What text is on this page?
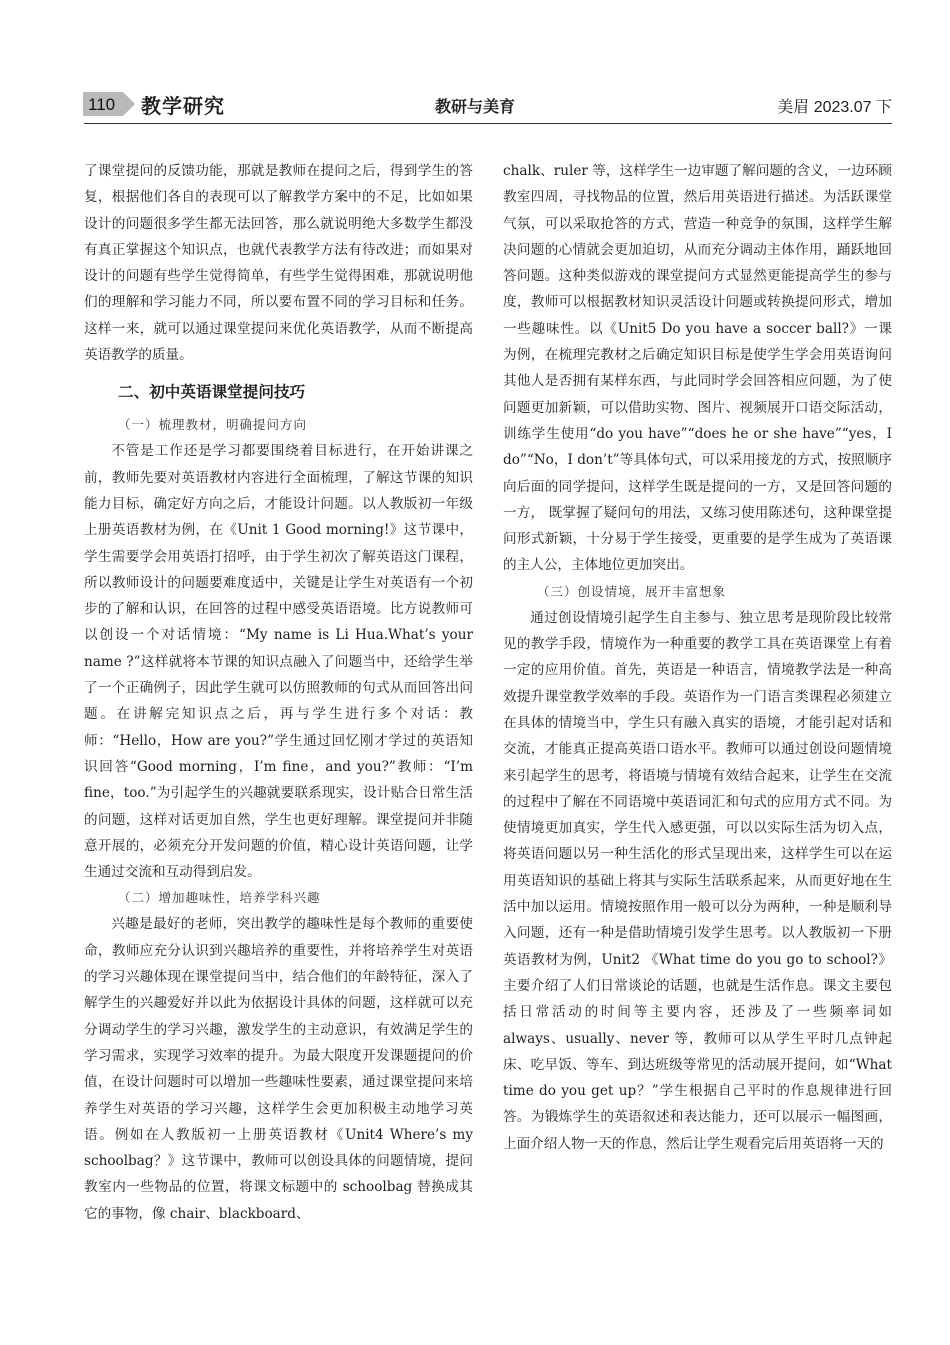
110 教学研究	教研与美育	美眉 2023.07 下

了课堂提问的反馈功能，那就是教师在提问之后，得到学生的答复，根据他们各自的表现可以了解教学方案中的不足，比如如果设计的问题很多学生都无法回答，那么就说明绝大多数学生都没有真正掌握这个知识点，也就代表教学方法有待改进；而如果对设计的问题有些学生觉得简单，有些学生觉得困难，那就说明他们的理解和学习能力不同，所以要布置不同的学习目标和任务。这样一来，就可以通过课堂提问来优化英语教学，从而不断提高英语教学的质量。

二、初中英语课堂提问技巧

（一）梳理教材，明确提问方向

不管是工作还是学习都要围绕着目标进行，在开始讲课之前，教师先要对英语教材内容进行全面梳理，了解这节课的知识能力目标，确定好方向之后，才能设计问题。以人教版初一年级上册英语教材为例，在《Unit 1 Good morning!》这节课中，学生需要学会用英语打招呼，由于学生初次了解英语这门课程，所以教师设计的问题要难度适中，关键是让学生对英语有一个初步的了解和认识，在回答的过程中感受英语语境。比方说教师可以创设一个对话情境：“My name is Li Hua.What’s your name ?”这样就将本节课的知识点融入了问题当中，还给学生举了一个正确例子，因此学生就可以仿照教师的句式从而回答出问题。在讲解完知识点之后，再与学生进行多个对话：教师：“Hello，How are you?”学生通过回忆刚才学过的英语知识回答“Good morning，I’m fine，and you?”教师：“I’m fine，too.”为引起学生的兴趣就要联系现实，设计贴合日常生活的问题，这样对话更加自然，学生也更好理解。课堂提问并非随意开展的，必须充分开发问题的价值，精心设计英语问题，让学生通过交流和互动得到启发。

（二）增加趣味性，培养学科兴趣

兴趣是最好的老师，突出教学的趣味性是每个教师的重要使命，教师应充分认识到兴趣培养的重要性，并将培养学生对英语的学习兴趣体现在课堂提问当中，结合他们的年龄特征，深入了解学生的兴趣爱好并以此为依据设计具体的问题，这样就可以充分调动学生的学习兴趣，激发学生的主动意识，有效满足学生的学习需求，实现学习效率的提升。为最大限度开发课题提问的价值，在设计问题时可以增加一些趣味性要素，通过课堂提问来培养学生对英语的学习兴趣，这样学生会更加积极主动地学习英语。例如在人教版初一上册英语教材《Unit4 Where’s my schoolbag？》这节课中，教师可以创设具体的问题情境，提问教室内一些物品的位置，将课文标题中的 schoolbag 替换成其它的事物，像 chair、blackboard、

chalk、ruler 等，这样学生一边审题了解问题的含义，一边环顾教室四周，寻找物品的位置，然后用英语进行描述。为活跃课堂气氛，可以采取抢答的方式，营造一种竞争的氛围，这样学生解决问题的心情就会更加迫切，从而充分调动主体作用，踊跃地回答问题。这种类似游戏的课堂提问方式显然更能提高学生的参与度，教师可以根据教材知识灵活设计问题或转换提问形式，增加一些趣味性。以《Unit5 Do you have a soccer ball?》一课为例，在梳理完教材之后确定知识目标是使学生学会用英语询问其他人是否拥有某样东西，与此同时学会回答相应问题，为了使问题更加新颖，可以借助实物、图片、视频展开口语交际活动，训练学生使用“do you have”“does he or she have”“yes，I do”“No，I don’t”等具体句式，可以采用接龙的方式，按照顺序向后面的同学提问，这样学生既是提问的一方，又是回答问题的一方， 既掌握了疑问句的用法，又练习使用陈述句，这种课堂提问形式新颖，十分易于学生接受，更重要的是学生成为了英语课的主人公，主体地位更加突出。

（三）创设情境，展开丰富想象

通过创设情境引起学生自主参与、独立思考是现阶段比较常见的教学手段，情境作为一种重要的教学工具在英语课堂上有着一定的应用价值。首先，英语是一种语言，情境教学法是一种高效提升课堂教学效率的手段。英语作为一门语言类课程必须建立在具体的情境当中，学生只有融入真实的语境，才能引起对话和交流，才能真正提高英语口语水平。教师可以通过创设问题情境来引起学生的思考，将语境与情境有效结合起来，让学生在交流的过程中了解在不同语境中英语词汇和句式的应用方式不同。为使情境更加真实，学生代入感更强，可以以实际生活为切入点，将英语问题以另一种生活化的形式呈现出来，这样学生可以在运用英语知识的基础上将其与实际生活联系起来，从而更好地在生活中加以运用。情境按照作用一般可以分为两种，一种是顺利导入问题，还有一种是借助情境引发学生思考。以人教版初一下册英语教材为例，Unit2 《What time do you go to school?》主要介绍了人们日常谈论的话题，也就是生活作息。课文主要包括日常活动的时间等主要内容，还涉及了一些频率词如 always、usually、never 等，教师可以从学生平时几点钟起床、吃早饭、等车、到达班级等常见的活动展开提问，如“What time do you get up？”学生根据自己平时的作息规律进行回答。为锻炼学生的英语叙述和表达能力，还可以展示一幅图画，上面介绍人物一天的作息，然后让学生观看完后用英语将一天的
